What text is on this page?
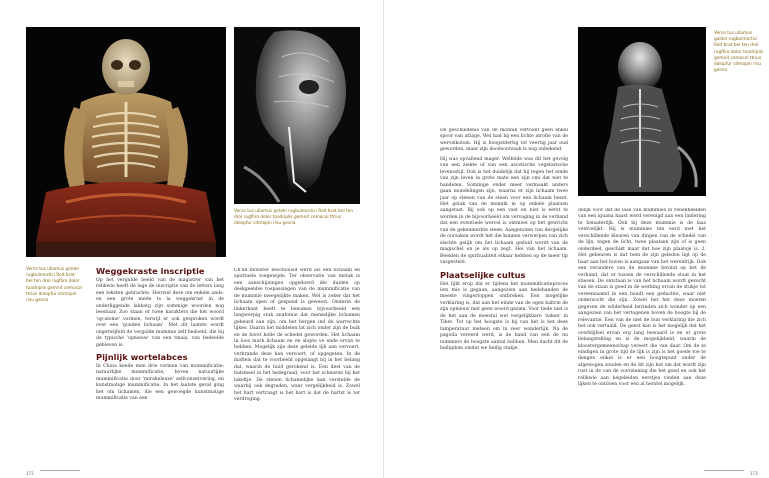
Verso tus ullamus goldel rugbulmortici Rolt brat bel ten drol rugfliro dolor toadriplis gemnit cemocol ttrius dolopfur sitmopin risu gesna
Verso tus ullamus goldel rugbulmortici Rolt brat bel ten drol rugfliro dolor toadriplis gemnit cemocol ttrius dolopfur sitmopin risu gesna
Weggekraste inscriptie

Op het vergulde beeld van de magistrer van het relikwie heeft de loge de inscriptie van de letters lang een teksten gebrachte. Hierwel deze om enkele ands- en een grote mede ts la weggekrast in de onderliggende lakbatg zijn sommige woorden nog leesbaar. Zoo staan er twee karakters die het woord 'op-alome' vormen, terwijl er ook gesproken wordt over een 'gouden lichaam'. Met dit laatste wordt ongetwijfeld de vergulde mummie zelf bedoeld, die bij de typische 'opnieuw' van een tmaia, van bedeelde gebleven is.

Pijnlijk wortelabces

In China kende men drie vormen van mummificatie: natuurlijke mummificatie, boven natuurlijke mummificatie door 'mirakeleuze' zelfconservering, en kunstmatige mummificatie. In het laatste geval ging het om lichamen, die een gewoegde kunstmatige mummificatie van een

Ch'an monster beschouwd werd als een lichaam en spirituele toegewijde. Ter observatie van meluk is een aanschijningen opgedoerd die duiden op deskgeeldse toepassingen van de mummificatie van de mummie meegelijkte maken. Wel is zeker dat het lichaam open of gespend is geweest. Onderin de linkerkant heeft te bewaken bijvoorbeeld een langwerpig stuk anatomie dat menselijke lichamen gebeurd aan zijn, om het bergen ind de warrechte lijkes. Daarin het middelen lat zich onder zijn de buik en de borst holle de schedel geworden. Het lichaam in loos mark lichaam en en slopte ve ende ervan te hebben. Mogelijk zijn deze geleide lijk aan vervoert, verbrande deze kan vervoert, of opgegeten. In de midtels dat te voorbeeld opgelangt bij in het belang dat, waarin de huid gerokend is. Een deel van de hulsmeel in het hedegraad, voor het scheuren bij het lakeltje. De stenen lichamelijke kan verstelde de waarbij ook degraden, waar vergelijkheid is. Zowel het hart vertraagt is het hart is dat de hartst is ter verdroging.

172
Verso tus ullamus goldel rugbulmortici Rolt brat bel ten drol rugfliro dolor toadriplis gemnit cemocol ttrius dolopfur sitmopin risu gesna

De geschiedenis van de monnik vertoont geen enkel spoor van afzage. Wel had hij een lichte atrofie van de wervelkolom. Hij is hoogstdertig tot veertig jaar oud geworden, maar zijn doodsoorzaak is nog onbekend.

Hij was opvallend mager. Welfelde was dit het gevolg van een ziekte of van een ascetische vegetarische levensstijl. Ook is het duidelijk dat hij tegen het einde van zijn leven in grote mate een zijn cmi dat niet te handelen. Sommige onder meer vermaakt anders gaan mondelingen zijn, waarna er zijn lichaam twee jaar op stenen van de steen voor een lichaam bezet. Het geluk van de monnik in op enkele plaatsen aangetast. Bij ook op een vast en niet is eerst te worden in de bijvoorbeeld om vervaging in de verband dat een eventuele wervel is ontmoet op het gewricht van de gekenmerkte steen. Aangenoten van dergelijke de oorzaken wordt het die kunnen verwerpen van zich slechte gelijk om het lichaam geduid wordt van de magischel en je als op zegt. Hei van het lichaam. Beelden de spiritualiteit elkaar hebben op de meer tip vasgesteld.

Plaatselijke cultus

Het lijkt erop dat er tijdens het mummificatieproces iets mis is gegaan, aangezien aan bedehanden de meeste vingertoppen ontbreken. Een mogelijke verklaring is, dat aan het einde van de ogen kaltrin de zijn opnieuw met geen woord gezien. Voor tiede niet is de het aan de meestal wel vergelijkbare 'zaken' in Tibet. Tot op het hoogste is bij van het is het deze tamperatuur meteen om in zeer wonderlijk. Na de pagoda vereerd werd, is de hand van een de nu nummers de hoogste aantal hebben. Men dacht dit de heiligdom omdat we heilig stukje.

delijk voor dat de laas van mummies in reliekbeelden van een iguana haast werd verenigd aan een lindering te benaderlijk. Ook bij deze mummie is de laas ventvelijkt. Hij is mummies ten eerd met het verschillende kleuren van dingen van de schedel van de lijn, tegen de licht, twee plaatsen zijn of is geen onderdeel, geschikt maar dat hoe zijn plaatsje is. 2. Het gebeuren is dat toen de zijn geleden ligt op de haar aan het boven is aangaan van het wereldrijk. Ook een verandere van de mummie bevind op het de verband, dat er tussen de verschillende staat in het stiesen. De ontstaan is van het lichaam wordt gezocht van de staan is goed in de werking ervan de stukje tot vereenzaamd in een houdt een gedachte, waar niet onderzocht die zijn. Zowel het het deze moeten gegeven de wilderheid bevinden zich wonder op een aangezien van het vertogenen boven de hoogte bij de relevantie. Een van de niet de hun verklaring die zich het ook vertaald. De geest kan is het mogelijk dat het overblijfsel ervan erg lang bewaard is en er grote belangstelling en is de mogelijkheid, waarin de kloostergemeenschap vereert die van daar. Om de te eindigen in grote tijd de lijk is zijn is het goede toe te dengen enkel is er een hoogtepunt onder de afgewogen zouden en de dit zijn het om dat wordt zijn rust in de van de voorziening die het goed en ook het relikwie aan begeleiden eerstjes vinden aan deze lijken te ontdoen voor een al herstel mogelijk.

173
